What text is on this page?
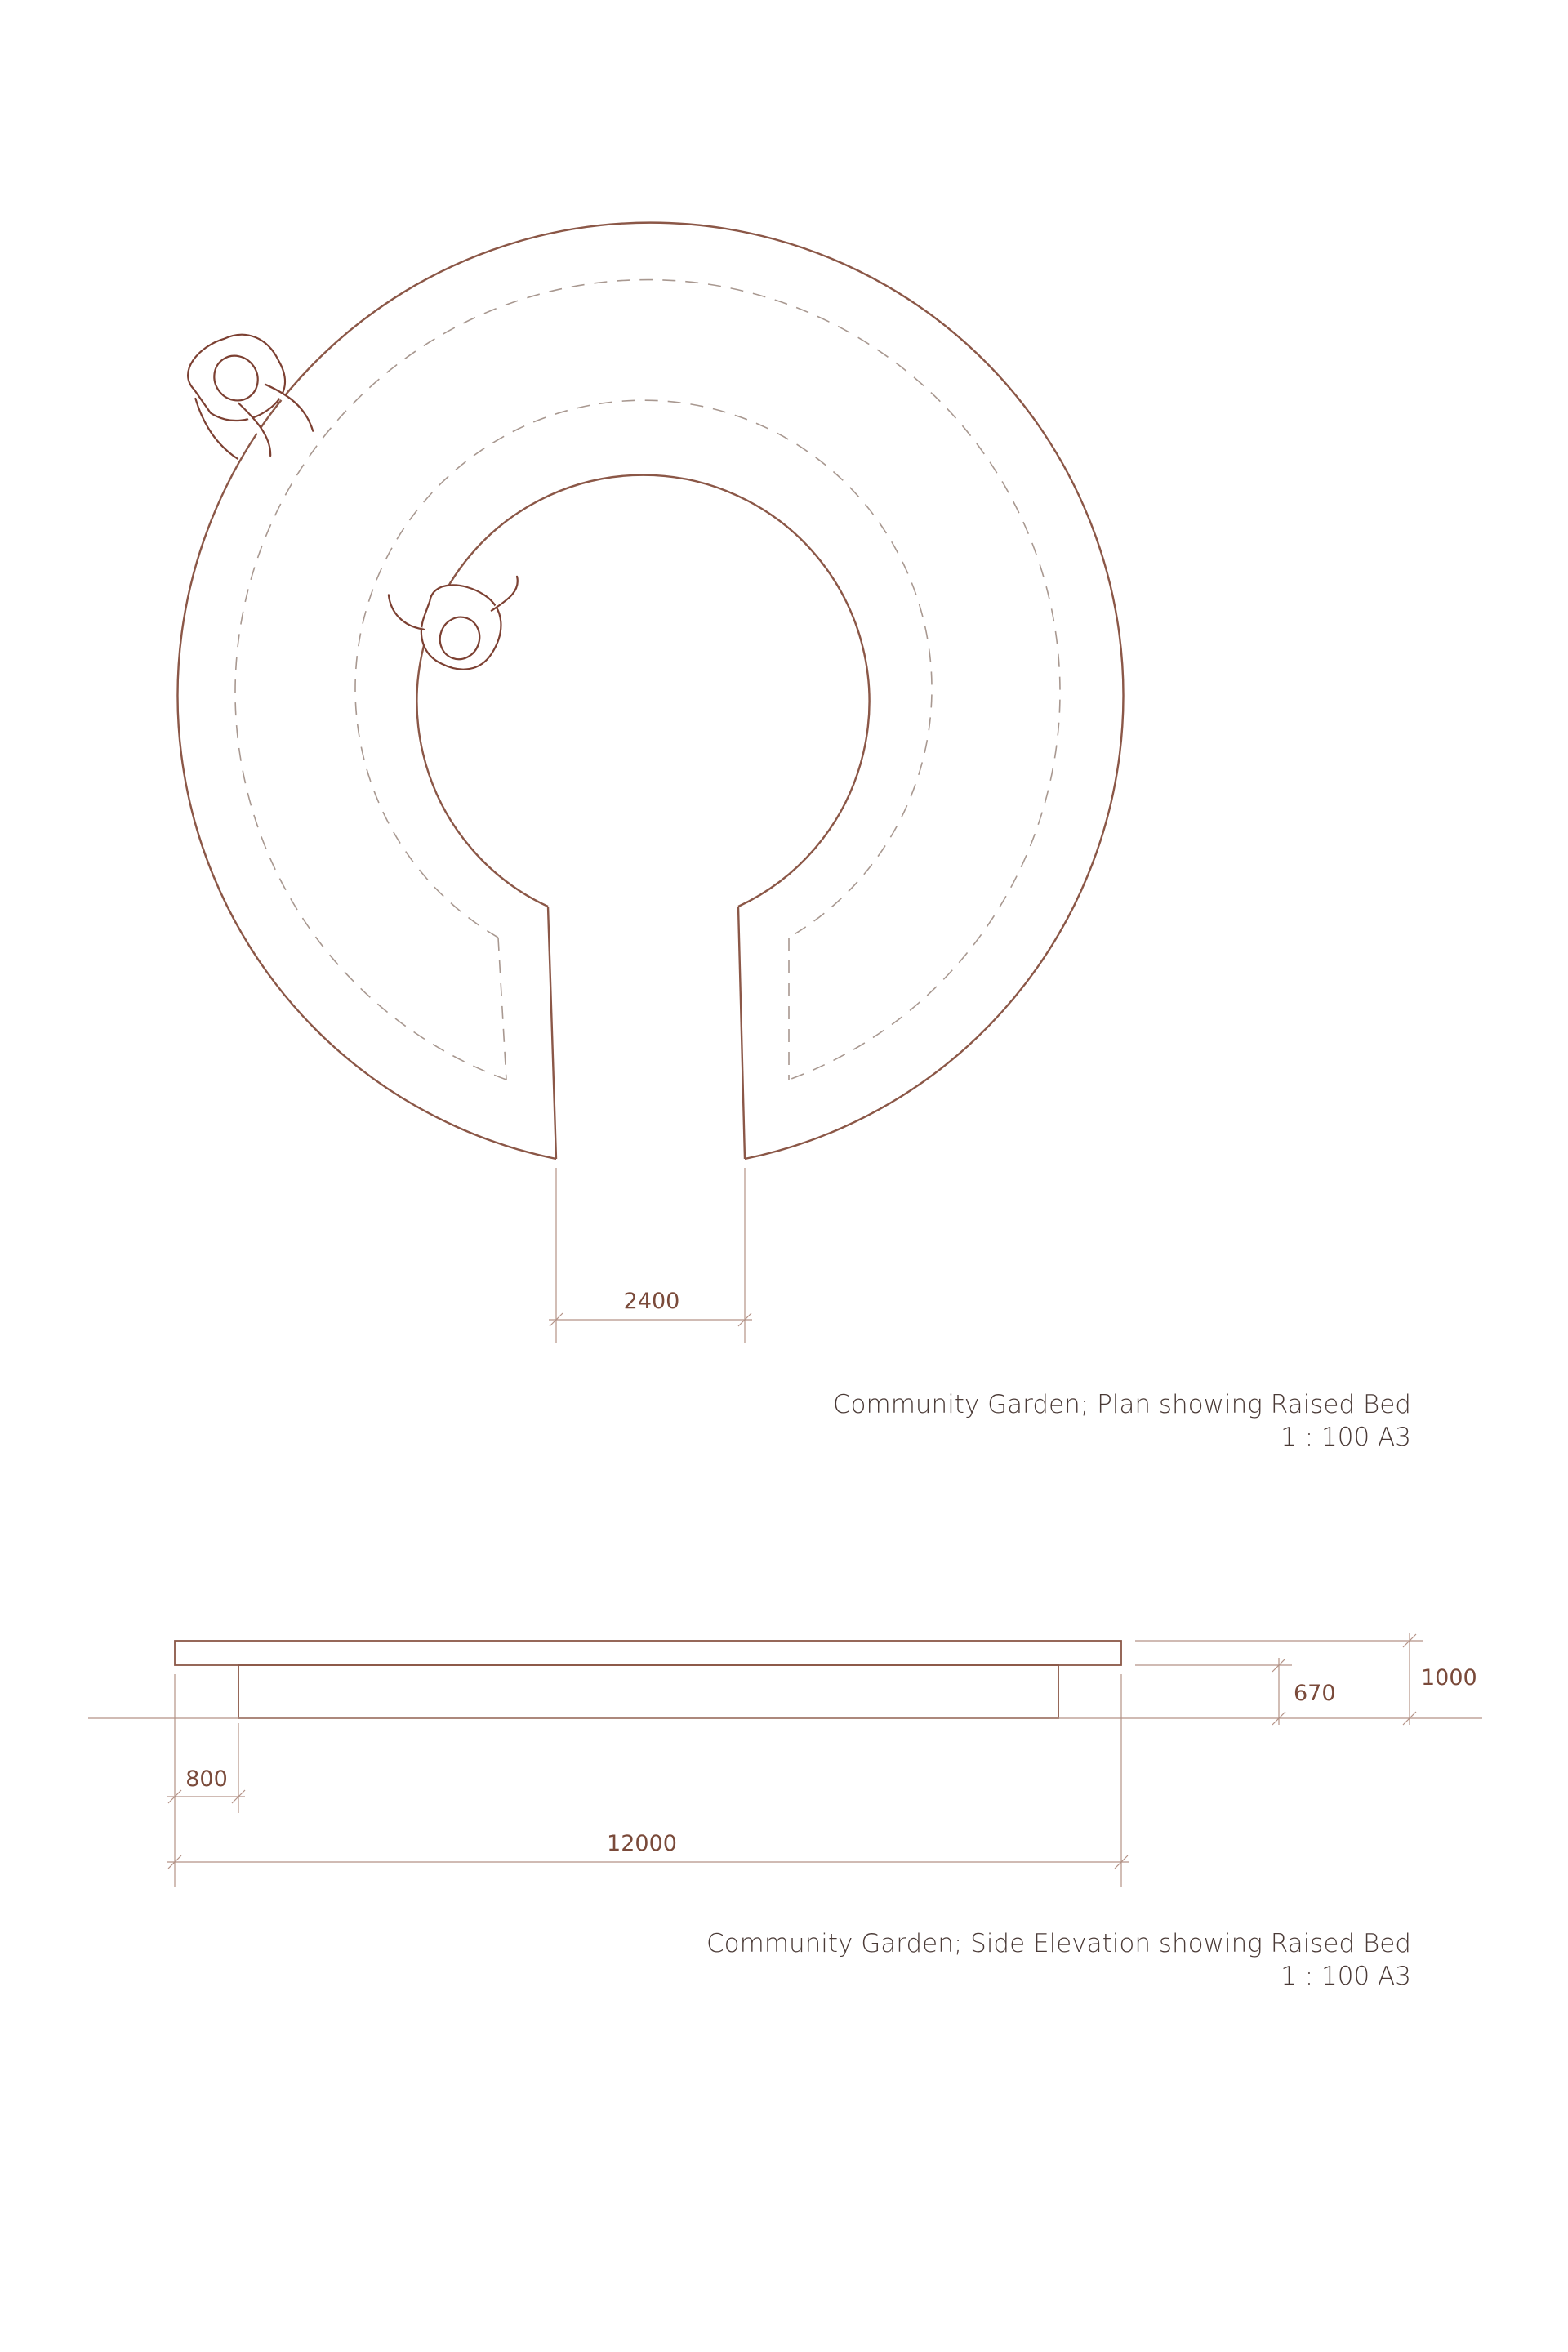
2400
800
12000
670
1000
Community Garden; Plan showing Raised Bed
1 : 100 A3
Community Garden; Side Elevation showing Raised Bed
1 : 100 A3
